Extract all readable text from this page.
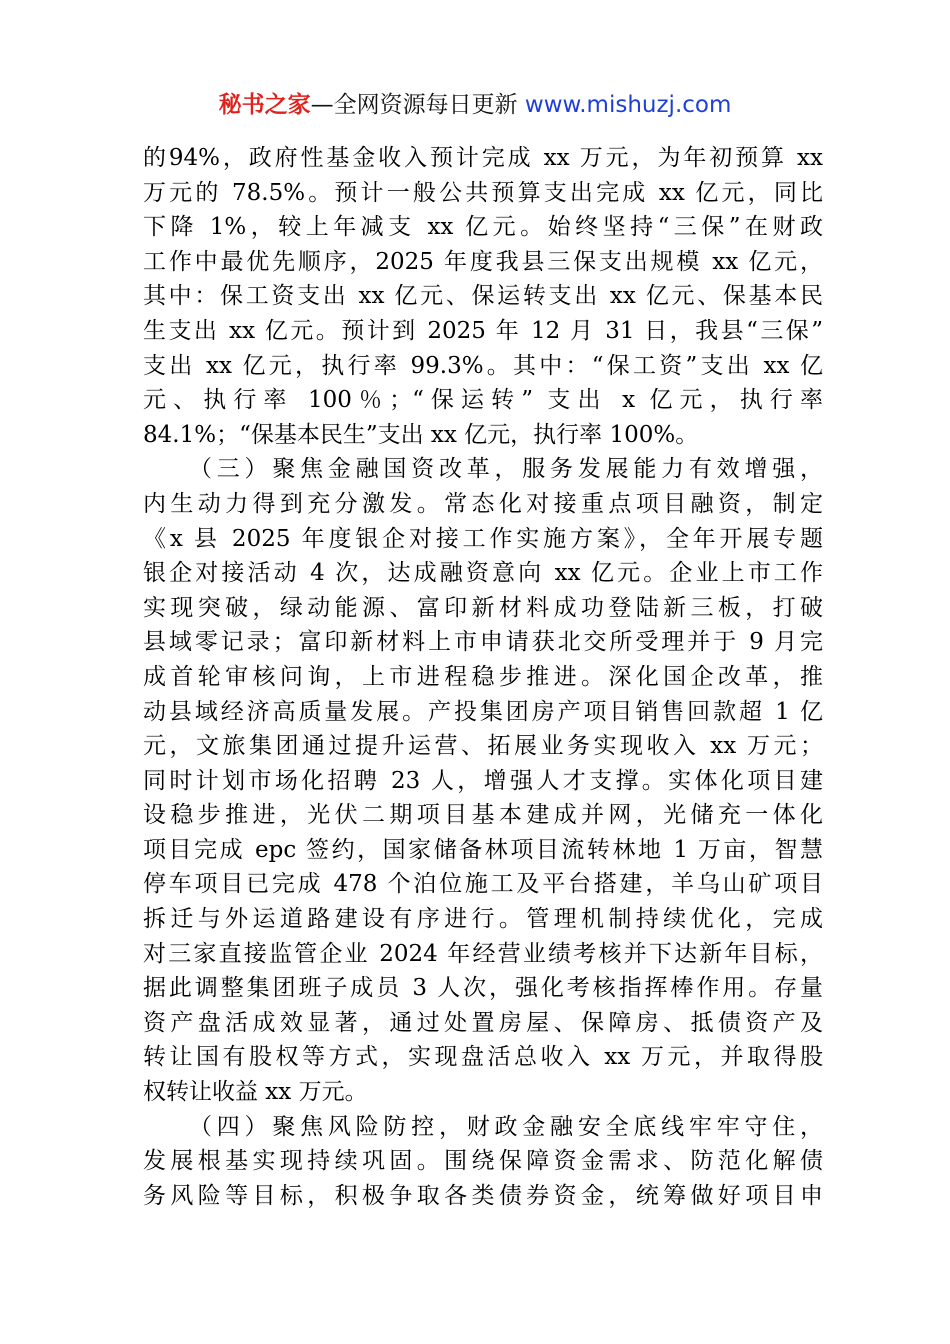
秘书之家—全网资源每日更新 www.mishuzj.com
的94%，政府性基金收入预计完成 xx 万元，为年初预算 xx
万元的 78.5%。预计一般公共预算支出完成 xx 亿元，同比
下降 1%，较上年减支 xx 亿元。始终坚持“三保”在财政
工作中最优先顺序，2025 年度我县三保支出规模 xx 亿元，
其中：保工资支出 xx 亿元、保运转支出 xx 亿元、保基本民
生支出 xx 亿元。预计到 2025 年 12 月 31 日，我县“三保”
支出 xx 亿元，执行率 99.3%。其中：“保工资”支出 xx 亿
元、执行率 100％；“保运转” 支出 x 亿元，执行率
84.1%；“保基本民生”支出 xx 亿元，执行率 100%。
（三）聚焦金融国资改革，服务发展能力有效增强，
内生动力得到充分激发。常态化对接重点项目融资，制定
《x 县 2025 年度银企对接工作实施方案》，全年开展专题
银企对接活动 4 次，达成融资意向 xx 亿元。企业上市工作
实现突破，绿动能源、富印新材料成功登陆新三板，打破
县域零记录；富印新材料上市申请获北交所受理并于 9 月完
成首轮审核问询，上市进程稳步推进。深化国企改革，推
动县域经济高质量发展。产投集团房产项目销售回款超 1 亿
元，文旅集团通过提升运营、拓展业务实现收入 xx 万元；
同时计划市场化招聘 23 人，增强人才支撑。实体化项目建
设稳步推进，光伏二期项目基本建成并网，光储充一体化
项目完成 epc 签约，国家储备林项目流转林地 1 万亩，智慧
停车项目已完成 478 个泊位施工及平台搭建，羊乌山矿项目
拆迁与外运道路建设有序进行。管理机制持续优化，完成
对三家直接监管企业 2024 年经营业绩考核并下达新年目标，
据此调整集团班子成员 3 人次，强化考核指挥棒作用。存量
资产盘活成效显著，通过处置房屋、保障房、抵债资产及
转让国有股权等方式，实现盘活总收入 xx 万元，并取得股
权转让收益 xx 万元。
（四）聚焦风险防控，财政金融安全底线牢牢守住，
发展根基实现持续巩固。围绕保障资金需求、防范化解债
务风险等目标，积极争取各类债券资金，统筹做好项目申
